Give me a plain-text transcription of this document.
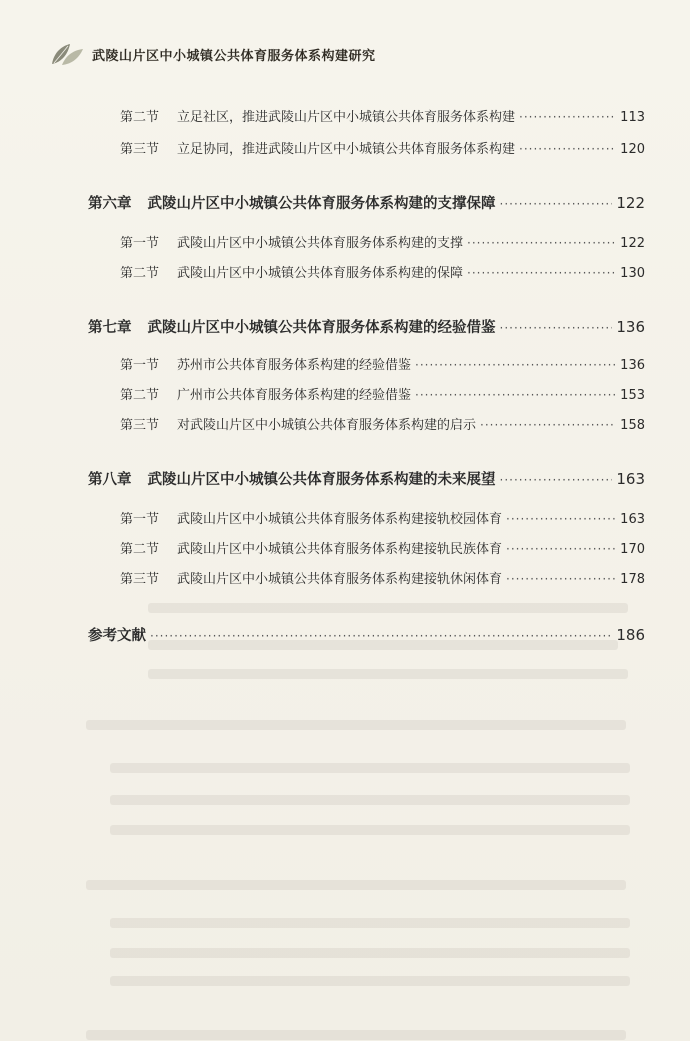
武陵山片区中小城镇公共体育服务体系构建研究
第二节 立足社区，推进武陵山片区中小城镇公共体育服务体系构建 ·····	113
第三节 立足协同，推进武陵山片区中小城镇公共体育服务体系构建 ·····	120
第六章 武陵山片区中小城镇公共体育服务体系构建的支撑保障 ·····	122
第一节 武陵山片区中小城镇公共体育服务体系构建的支撑 ·····	122
第二节 武陵山片区中小城镇公共体育服务体系构建的保障 ·····	130
第七章 武陵山片区中小城镇公共体育服务体系构建的经验借鉴 ·····	136
第一节 苏州市公共体育服务体系构建的经验借鉴 ·····	136
第二节 广州市公共体育服务体系构建的经验借鉴 ·····	153
第三节 对武陵山片区中小城镇公共体育服务体系构建的启示 ·····	158
第八章 武陵山片区中小城镇公共体育服务体系构建的未来展望 ·····	163
第一节 武陵山片区中小城镇公共体育服务体系构建接轨校园体育 ·····	163
第二节 武陵山片区中小城镇公共体育服务体系构建接轨民族体育 ·····	170
第三节 武陵山片区中小城镇公共体育服务体系构建接轨休闲体育 ·····	178
参考文献 ·····	186
